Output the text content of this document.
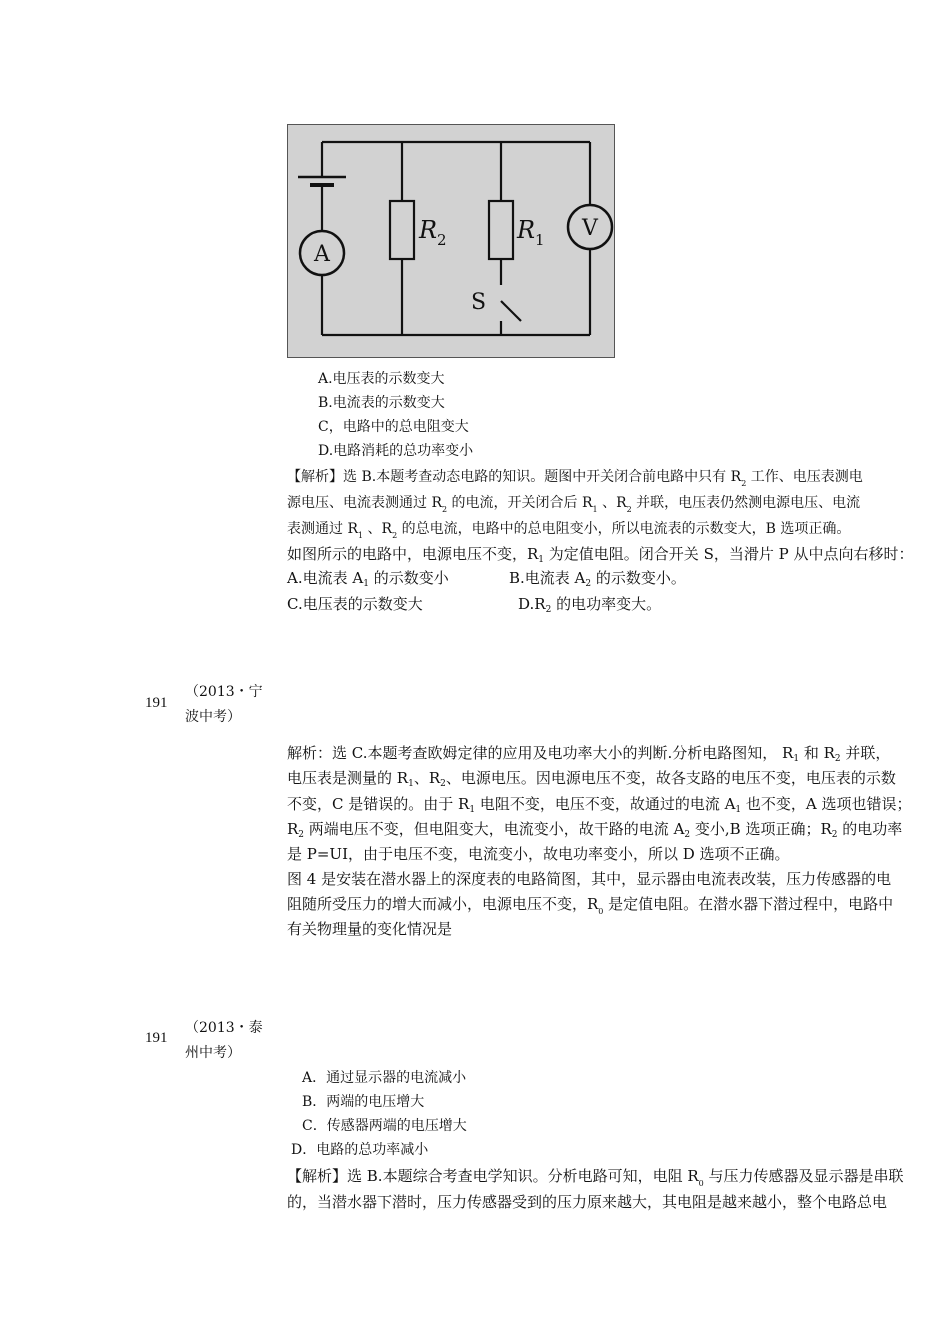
A
V
R 2	R 1
S
A.电压表的示数变大
B.电流表的示数变大
C，电路中的总电阻变大
D.电路消耗的总功率变小
【解析】选 B.本题考查动态电路的知识。题图中开关闭合前电路中只有 $R_2$ 工作、电压表测电
源电压、电流表测通过 $R_2$ 的电流，开关闭合后 $R_1$ 、$R_2$ 并联，电压表仍然测电源电压、电流
表测通过 $R_1$ 、$R_2$ 的总电流，电路中的总电阻变小，所以电流表的示数变大，B 选项正确。
如图所示的电路中，电源电压不变，$R_1$ 为定值电阻。闭合开关 S，当滑片 P 从中点向右移时：
A.电流表 $A_1$ 的示数变小	B.电流表 $A_2$ 的示数变小。
C.电压表的示数变大	$D.R_2$ 的电功率变大。
191
（2013・宁
波中考）
解析：选 C.本题考查欧姆定律的应用及电功率大小的判断.分析电路图知， $R_1$ 和 $R_2$ 并联，
电压表是测量的 $R_1$、$R_2$、电源电压。因电源电压不变，故各支路的电压不变，电压表的示数
不变，C 是错误的。由于 $R_1$ 电阻不变，电压不变，故通过的电流 $A_1$ 也不变，A 选项也错误；
$R_2$ 两端电压不变，但电阻变大，电流变小，故干路的电流 $A_2$ 变小,B 选项正确；$R_2$ 的电功率
是 P=UI，由于电压不变，电流变小，故电功率变小，所以 D 选项不正确。
图 4 是安装在潜水器上的深度表的电路简图，其中，显示器由电流表改装，压力传感器的电
阻随所受压力的增大而减小，电源电压不变，$R_0$ 是定值电阻。在潜水器下潜过程中，电路中
有关物理量的变化情况是
191
（2013・泰
州中考）
A．通过显示器的电流减小
B．两端的电压增大
C．传感器两端的电压增大
D．电路的总功率减小
【解析】选 B.本题综合考查电学知识。分析电路可知，电阻 $R_0$ 与压力传感器及显示器是串联
的，当潜水器下潜时，压力传感器受到的压力原来越大，其电阻是越来越小，整个电路总电
